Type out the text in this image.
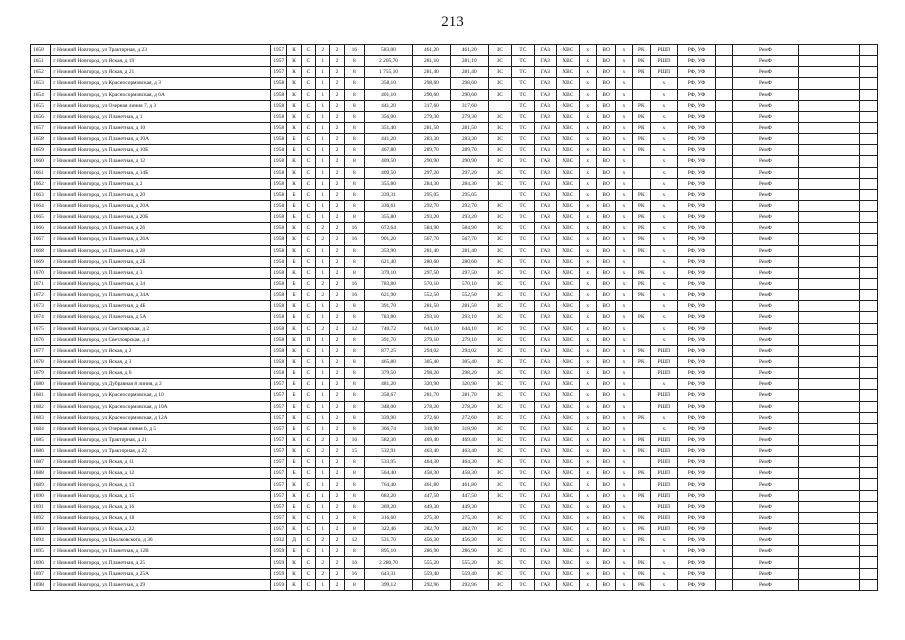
213
1650	г Нижний Новгород, ул Тракторная, д 23	1957	К	С	2	2	16	583,00	461,20	461,20	ЗС	ТС	ГАЗ	ХВС	х	ВО	х	РК	РШП	РФ, УФ		РемФ		
1651	г Нижний Новгород, ул Яская, д 19	1957	К	С	1	2	8	2 205,70	281,10	281,10	ЗС	ТС	ГАЗ	ХВС	х	ВО	х	РК	РШП	РФ, УФ		РемФ		
1652	г Нижний Новгород, ул Яская, д 21	1957	К	С	1	2	8	1 755,10	281,40	281,40	ЗС	ТС	ГАЗ	ХВС	х	ВО	х	РК	РШП	РФ, УФ		РемФ		
1653	г Нижний Новгород, ул Красносормовская, д 3	1958	К	С	1	2	8	358,10	298,60	298,60	ЗС	ТС	ГАЗ	ХВС	х	ВО	х		х	РФ, УФ		РемФ		
1654	г Нижний Новгород, ул Красносормовская, д 6А	1958	К	С	1	2	8	401,10	290,60	290,60	ЗС	ТС	ГАЗ	ХВС	х	ВО	х		х	РФ, УФ		РемФ		
1655	г Нижний Новгород, ул Озерная линия 7, д 3	1958	К	С	1	2	8	441,20	317,60	317,60		ТС	ГАЗ	ХВС	х	ВО	х	РК	х	РФ, УФ		РемФ		
1656	г Нижний Новгород, ул Планетная, д 1	1958	К	С	1	2	8	356,00	279,30	279,30	ЗС	ТС	ГАЗ	ХВС	х	ВО	х	РК	х	РФ, УФ		РемФ		
1657	г Нижний Новгород, ул Планетная, д 10	1958	К	С	1	2	8	351,40	281,50	281,50	ЗС	ТС	ГАЗ	ХВС	х	ВО	х	РК	х	РФ, УФ		РемФ		
1658	г Нижний Новгород, ул Планетная, д 10А	1958	Б	С	1	2	8	441,20	283,30	283,30	ЗС	ТС	ГАЗ	ХВС	х	ВО	х	РК	х	РФ, УФ		РемФ		
1659	г Нижний Новгород, ул Планетная, д 10Б	1958	Б	С	1	2	8	467,80	289,70	289,70	ЗС	ТС	ГАЗ	ХВС	х	ВО	х	РК	х	РФ, УФ		РемФ		
1660	г Нижний Новгород, ул Планетная, д 12	1958	К	С	1	2	8	409,50	290,90	290,90	ЗС	ТС	ГАЗ	ХВС	х	ВО	х		х	РФ, УФ		РемФ		
1661	г Нижний Новгород, ул Планетная, д 14Б	1958	К	С	1	2	8	409,50	297,20	297,20	ЗС	ТС	ГАЗ	ХВС	х	ВО	х		х	РФ, УФ		РемФ		
1662	г Нижний Новгород, ул Планетная, д 2	1958	К	С	1	2	8	355,80	284,30	284,30	ЗС	ТС	ГАЗ	ХВС	х	ВО	х		х	РФ, УФ		РемФ		
1663	г Нижний Новгород, ул Планетная, д 20	1958	Б	С	1	2	8	339,31	295,05	295,05		ТС	ГАЗ	ХВС	х	ВО	х	РК	х	РФ, УФ		РемФ		
1664	г Нижний Новгород, ул Планетная, д 20А	1958	Б	С	1	2	8	336,61	292,70	292,70	ЗС	ТС	ГАЗ	ХВС	х	ВО	х	РК	х	РФ, УФ		РемФ		
1665	г Нижний Новгород, ул Планетная, д 20Б	1958	Б	С	1	2	8	355,80	293,20	293,20	ЗС	ТС	ГАЗ	ХВС	х	ВО	х	РК	х	РФ, УФ		РемФ		
1666	г Нижний Новгород, ул Планетная, д 26	1958	К	С	2	2	16	672,64	584,90	584,90	ЗС	ТС	ГАЗ	ХВС	х	ВО	х	РК	х	РФ, УФ		РемФ		
1667	г Нижний Новгород, ул Планетная, д 26А	1958	К	С	2	2	16	901,20	567,70	567,70	ЗС	ТС	ГАЗ	ХВС	х	ВО	х	РК	х	РФ, УФ		РемФ		
1668	г Нижний Новгород, ул Планетная, д 28	1958	К	С	1	2	8	353,90	281,40	281,40	ЗС	ТС	ГАЗ	ХВС	х	ВО	х	РК	х	РФ, УФ		РемФ		
1669	г Нижний Новгород, ул Планетная, д 2Б	1958	Б	С	1	2	8	621,40	280,60	280,60	ЗС	ТС	ГАЗ	ХВС	х	ВО	х		х	РФ, УФ		РемФ		
1670	г Нижний Новгород, ул Планетная, д 3	1958	К	С	1	2	8	379,10	297,50	297,50	ЗС	ТС	ГАЗ	ХВС	х	ВО	х	РК	х	РФ, УФ		РемФ		
1671	г Нижний Новгород, ул Планетная, д 34	1958	Б	С	2	2	16	783,80	570,10	570,10	ЗС	ТС	ГАЗ	ХВС	х	ВО	х	РК	х	РФ, УФ		РемФ		
1672	г Нижний Новгород, ул Планетная, д 34А	1958	Б	С	2	2	16	621,90	552,50	552,50	ЗС	ТС	ГАЗ	ХВС	х	ВО	х	РК	х	РФ, УФ		РемФ		
1673	г Нижний Новгород, ул Планетная, д 4Б	1958	К	С	1	2	8	391,70	281,50	281,50	ЗС	ТС	ГАЗ	ХВС	х	ВО	х		х	РФ, УФ		РемФ		
1674	г Нижний Новгород, ул Планетная, д 5А	1958	Б	С	1	2	8	783,80	293,10	293,10	ЗС	ТС	ГАЗ	ХВС	х	ВО	х	РК	х	РФ, УФ		РемФ		
1675	г Нижний Новгород, ул Светлоярская, д 2	1958	К	С	2	2	12	740,72	644,10	644,10	ЗС	ТС	ГАЗ	ХВС	х	ВО	х		х	РФ, УФ		РемФ		
1676	г Нижний Новгород, ул Светлоярская, д 4	1958	К	П	1	2	8	391,70	279,10	279,10	ЗС	ТС	ГАЗ	ХВС	х	ВО	х		х	РФ, УФ		РемФ		
1677	г Нижний Новгород, ул Яская, д 2	1958	К	С	1	2	8	877,25	294,02	294,02	ЗС	ТС	ГАЗ	ХВС	х	ВО	х	РК	РШП	РФ, УФ		РемФ		
1678	г Нижний Новгород, ул Яская, д 3	1958	К	С	1	2	8	465,80	305,40	305,40	ЗС	ТС	ГАЗ	ХВС	х	ВО	х	РК	РШП	РФ, УФ		РемФ		
1679	г Нижний Новгород, ул Яская, д 6	1958	Б	С	1	2	8	379,50	298,20	298,20	ЗС	ТС	ГАЗ	ХВС	х	ВО	х		РШП	РФ, УФ		РемФ		
1680	г Нижний Новгород, ул Дубравная 8 линия, д 2	1957	Б	С	1	2	8	481,20	320,90	320,90	ЗС	ТС	ГАЗ	ХВС	х	ВО	х		х	РФ, УФ		РемФ		
1681	г Нижний Новгород, ул Красносормовская, д 10	1957	Б	С	1	2	8	358,67	281,70	281,70	ЗС	ТС	ГАЗ	ХВС	х	ВО	х		РШП	РФ, УФ		РемФ		
1682	г Нижний Новгород, ул Красносормовская, д 10А	1957	Б	С	1	2	8	348,00	278,20	278,20	ЗС	ТС	ГАЗ	ХВС	х	ВО	х		РШП	РФ, УФ		РемФ		
1683	г Нижний Новгород, ул Красносормовская, д 12А	1957	К	С	1	2	8	339,90	272,60	272,60	ЗС	ТС	ГАЗ	ХВС	х	ВО	х	РК	х	РФ, УФ		РемФ		
1684	г Нижний Новгород, ул Озерная линия 6, д 5	1957	Б	С	1	2	8	366,74	318,90	318,90	ЗС	ТС	ГАЗ	ХВС	х	ВО	х		х	РФ, УФ		РемФ		
1685	г Нижний Новгород, ул Тракторная, д 21	1957	К	С	2	2	16	582,30	469,40	469,40	ЗС	ТС	ГАЗ	ХВС	х	ВО	х	РК	РШП	РФ, УФ		РемФ		
1686	г Нижний Новгород, ул Тракторная, д 22	1957	К	С	2	2	15	532,91	463,40	463,40	ЗС	ТС	ГАЗ	ХВС	х	ВО	х	РК	РШП	РФ, УФ		РемФ		
1687	г Нижний Новгород, ул Яская, д 11	1957	Б	С	1	2	8	533,95	464,30	464,30	ЗС	ТС	ГАЗ	ХВС	х	ВО	х		РШП	РФ, УФ		РемФ		
1688	г Нижний Новгород, ул Яская, д 12	1957	Б	С	1	2	8	564,40	458,30	458,30	ЗС	ТС	ГАЗ	ХВС	х	ВО	х	РК	РШП	РФ, УФ		РемФ		
1689	г Нижний Новгород, ул Яская, д 13	1957	К	С	1	2	8	764,40	461,80	461,80	ЗС	ТС	ГАЗ	ХВС	х	ВО	х		РШП	РФ, УФ		РемФ		
1690	г Нижний Новгород, ул Яская, д 15	1957	К	С	1	2	8	683,20	447,50	447,50	ЗС	ТС	ГАЗ	ХВС	х	ВО	х	РК	РШП	РФ, УФ		РемФ		
1691	г Нижний Новгород, ул Яская, д 16	1957	Б	С	1	2	8	369,20	449,30	449,30		ТС	ГАЗ	ХВС	х	ВО	х		РШП	РФ, УФ		РемФ		
1692	г Нижний Новгород, ул Яская, д 18	1957	К	С	1	2	8	316,60	275,30	275,30	ЗС	ТС	ГАЗ	ХВС	х	ВО	х	РК	РШП	РФ, УФ		РемФ		
1693	г Нижний Новгород, ул Яская, д 22	1957	К	С	1	2	8	322,46	282,70	282,70	ЗС	ТС	ГАЗ	ХВС	х	ВО	х	РК	РШП	РФ, УФ		РемФ		
1694	г Нижний Новгород, ул Циолковского, д 36	1932	Д	С	2	2	12	531,70	456,30	456,30	ЗС	ТС	ГАЗ	ХВС	х	ВО	х	РК	х	РФ, УФ		РемФ		
1695	г Нижний Новгород, ул Планетная, д 12В	1959	Б	С	1	2	8	895,10	286,90	286,90	ЗС	ТС	ГАЗ	ХВС	х	ВО	х		х	РФ, УФ		РемФ		
1696	г Нижний Новгород, ул Планетная, д 25	1959	К	С	2	2	16	2 280,70	555,20	555,20	ЗС	ТС	ГАЗ	ХВС	х	ВО	х	РК	х	РФ, УФ		РемФ		
1697	г Нижний Новгород, ул Планетная, д 25А	1959	К	С	2	2	16	643,31	559,40	559,40	ЗС	ТС	ГАЗ	ХВС	х	ВО	х	РК	х	РФ, УФ		РемФ		
1698	г Нижний Новгород, ул Планетная, д 29	1959	К	С	1	2	8	399,12	292,96	292,96	ЗС	ТС	ГАЗ	ХВС	х	ВО	х	РК	х	РФ, УФ		РемФ		
